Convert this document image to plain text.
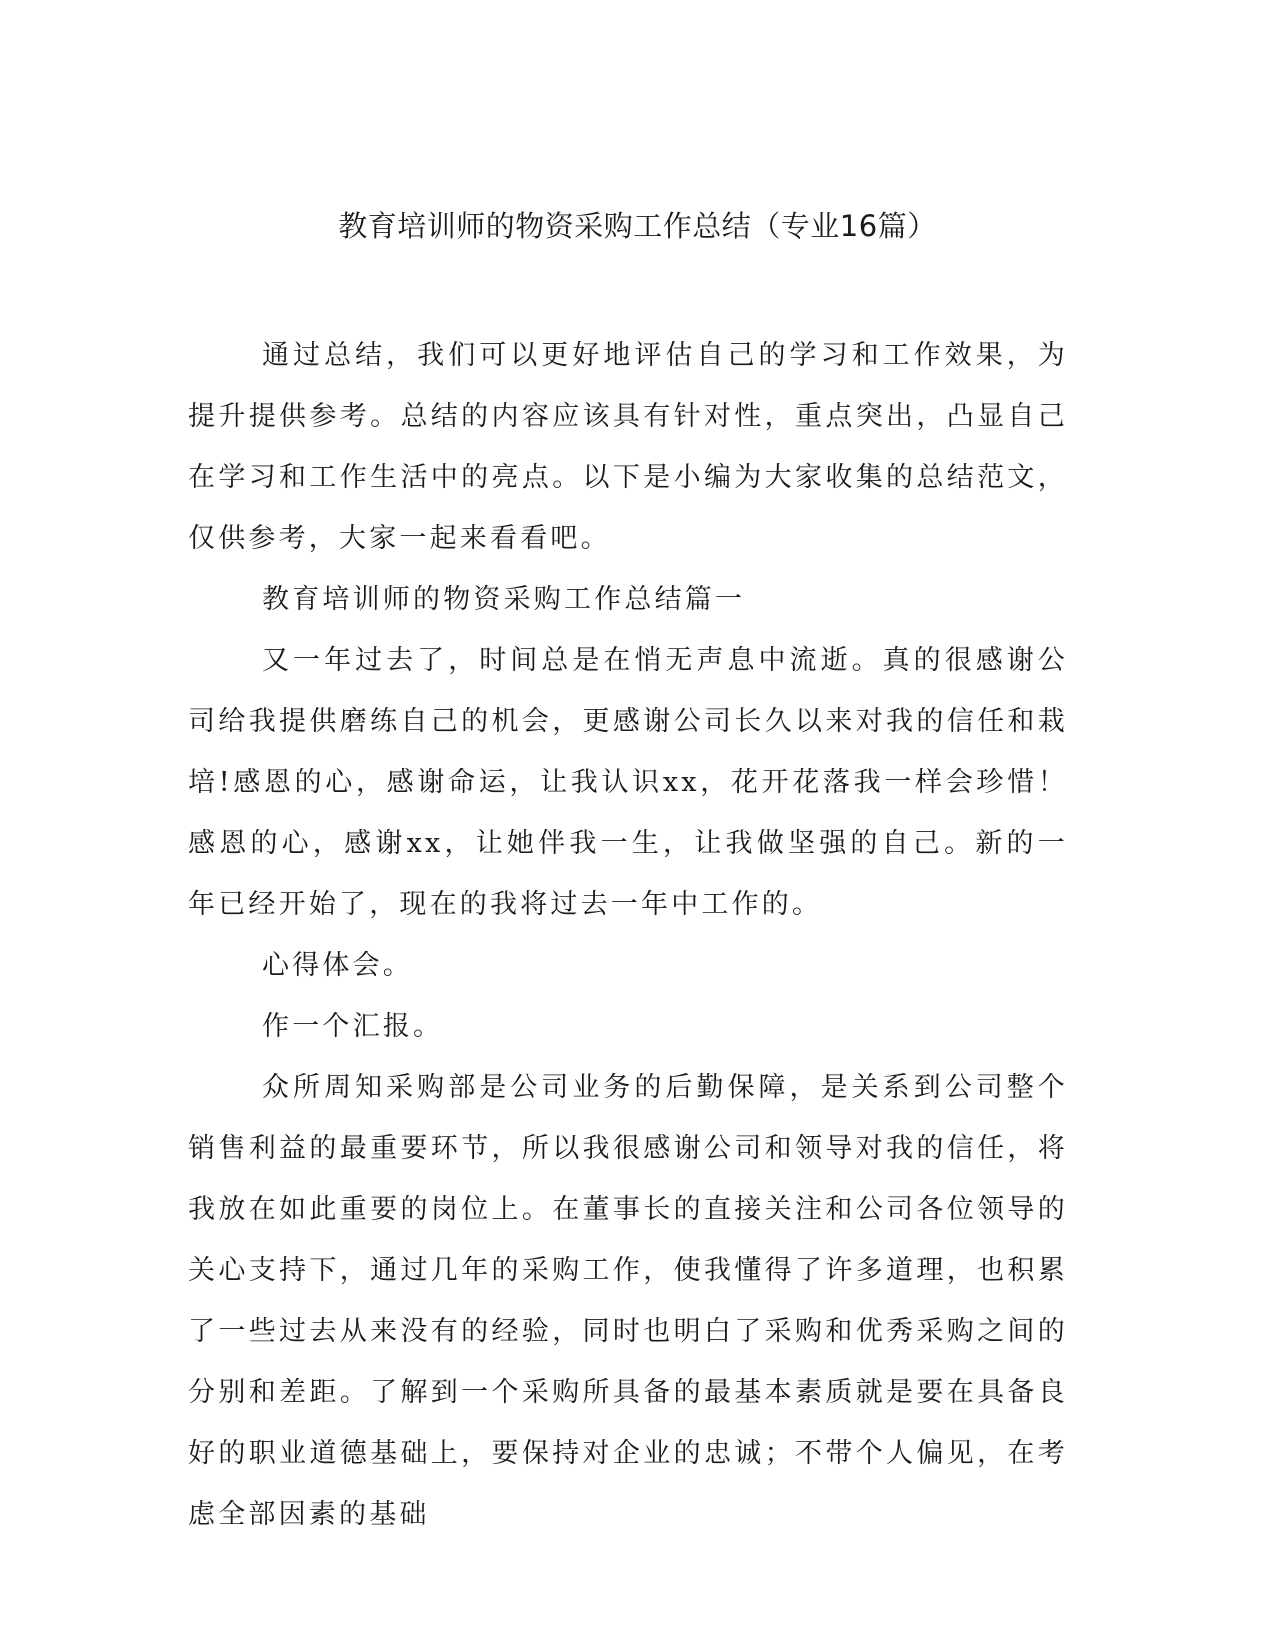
教育培训师的物资采购工作总结（专业16篇）

通过总结，我们可以更好地评估自己的学习和工作效果，为提升提供参考。总结的内容应该具有针对性，重点突出，凸显自己在学习和工作生活中的亮点。以下是小编为大家收集的总结范文，仅供参考，大家一起来看看吧。

教育培训师的物资采购工作总结篇一

又一年过去了，时间总是在悄无声息中流逝。真的很感谢公司给我提供磨练自己的机会，更感谢公司长久以来对我的信任和栽培!感恩的心，感谢命运，让我认识xx，花开花落我一样会珍惜！感恩的心，感谢xx，让她伴我一生，让我做坚强的自己。新的一年已经开始了，现在的我将过去一年中工作的。

心得体会。

作一个汇报。

众所周知采购部是公司业务的后勤保障，是关系到公司整个销售利益的最重要环节，所以我很感谢公司和领导对我的信任，将我放在如此重要的岗位上。在董事长的直接关注和公司各位领导的关心支持下，通过几年的采购工作，使我懂得了许多道理，也积累了一些过去从来没有的经验，同时也明白了采购和优秀采购之间的分别和差距。了解到一个采购所具备的最基本素质就是要在具备良好的职业道德基础上，要保持对企业的忠诚；不带个人偏见，在考虑全部因素的基础
